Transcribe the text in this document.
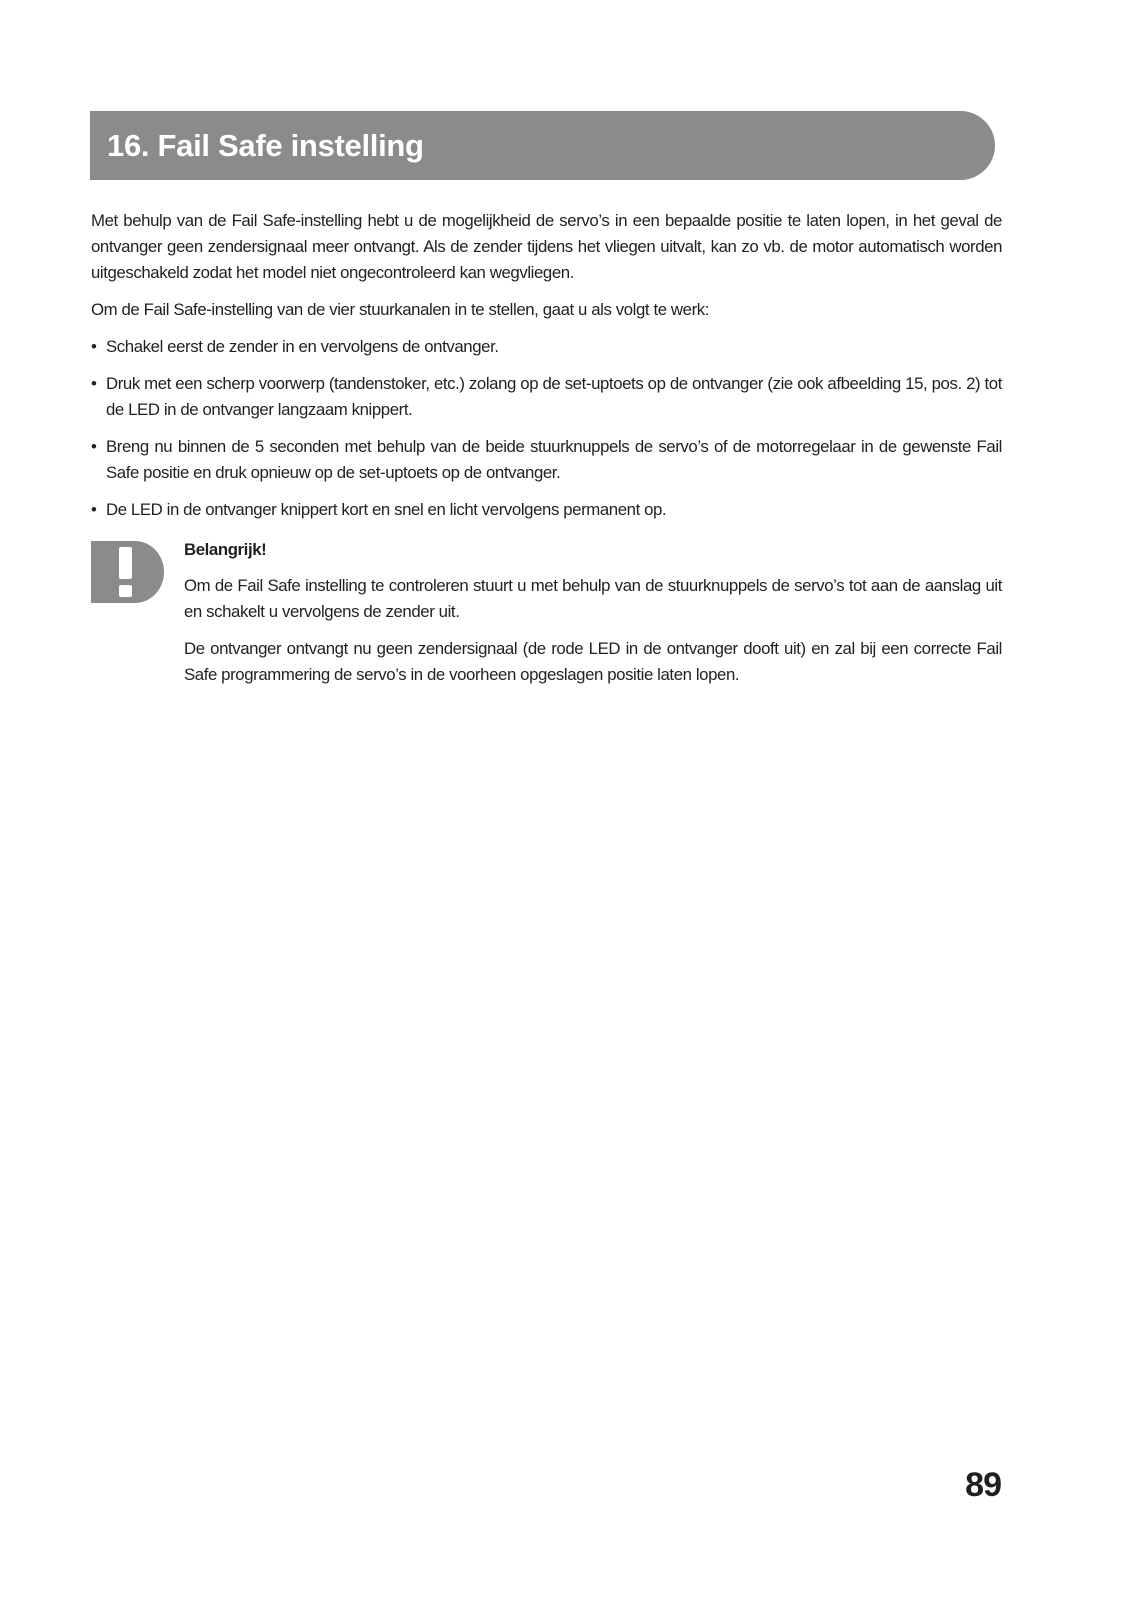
16. Fail Safe instelling

Met behulp van de Fail Safe-instelling hebt u de mogelijkheid de servo’s in een bepaalde positie te laten lopen, in het geval de ontvanger geen zendersignaal meer ontvangt. Als de zender tijdens het vliegen uitvalt, kan zo vb. de motor automatisch worden uitgeschakeld zodat het model niet ongecontroleerd kan wegvliegen.

Om de Fail Safe-instelling van de vier stuurkanalen in te stellen, gaat u als volgt te werk:

• Schakel eerst de zender in en vervolgens de ontvanger.
• Druk met een scherp voorwerp (tandenstoker, etc.) zolang op de set-uptoets op de ontvanger (zie ook afbeelding 15, pos. 2) tot de LED in de ontvanger langzaam knippert.
• Breng nu binnen de 5 seconden met behulp van de beide stuurknuppels de servo’s of de motorregelaar in de gewenste Fail Safe positie en druk opnieuw op de set-uptoets op de ontvanger.
• De LED in de ontvanger knippert kort en snel en licht vervolgens permanent op.
Belangrijk!

Om de Fail Safe instelling te controleren stuurt u met behulp van de stuurknuppels de servo’s tot aan de aanslag uit en schakelt u vervolgens de zender uit.

De ontvanger ontvangt nu geen zendersignaal (de rode LED in de ontvanger dooft uit) en zal bij een correcte Fail Safe programmering de servo’s in de voorheen opgeslagen positie laten lopen.

89
